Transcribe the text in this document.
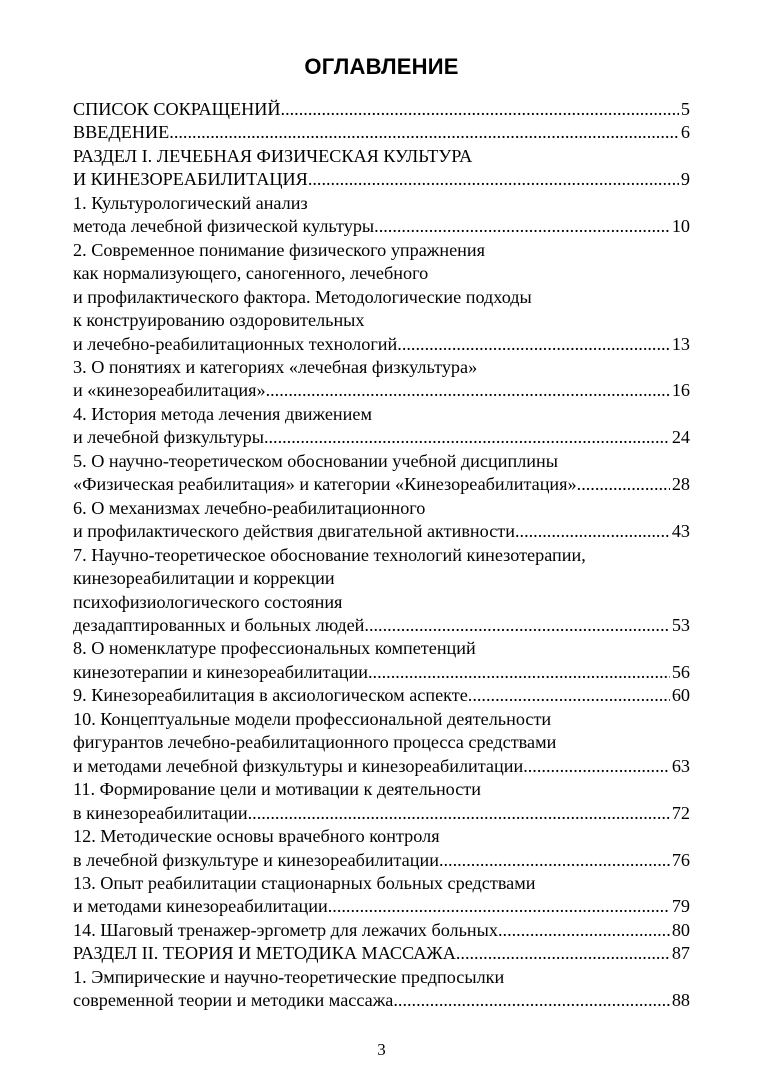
ОГЛАВЛЕНИЕ
СПИСОК СОКРАЩЕНИЙ .....	5
ВВЕДЕНИЕ .....	6
РАЗДЕЛ I. ЛЕЧЕБНАЯ ФИЗИЧЕСКАЯ КУЛЬТУРА
И КИНЕЗОРЕАБИЛИТАЦИЯ .....	9
1. Культурологический анализ
метода лечебной физической культуры .....	10
2. Современное понимание физического упражнения
как нормализующего, саногенного, лечебного
и профилактического фактора. Методологические подходы
к конструированию оздоровительных
и лечебно-реабилитационных технологий .....	13
3. О понятиях и категориях «лечебная физкультура»
и «кинезореабилитация» .....	16
4. История метода лечения движением
и лечебной физкультуры .....	24
5. О научно-теоретическом обосновании учебной дисциплины
«Физическая реабилитация» и категории «Кинезореабилитация» .....	28
6. О механизмах лечебно-реабилитационного
и профилактического действия двигательной активности .....	43
7. Научно-теоретическое обоснование технологий кинезотерапии,
кинезореабилитации и коррекции
психофизиологического состояния
дезадаптированных и больных людей .....	53
8. О номенклатуре профессиональных компетенций
кинезотерапии и кинезореабилитации .....	56
9. Кинезореабилитация в аксиологическом аспекте .....	60
10. Концептуальные модели профессиональной деятельности
фигурантов лечебно-реабилитационного процесса средствами
и методами лечебной физкультуры и кинезореабилитации .....	63
11. Формирование цели и мотивации к деятельности
в кинезореабилитации .....	72
12. Методические основы врачебного контроля
в лечебной физкультуре и кинезореабилитации .....	76
13. Опыт реабилитации стационарных больных средствами
и методами кинезореабилитации .....	79
14. Шаговый тренажер-эргометр для лежачих больных .....	80
РАЗДЕЛ II. ТЕОРИЯ И МЕТОДИКА МАССАЖА .....	87
1. Эмпирические и научно-теоретические предпосылки
современной теории и методики массажа .....	88
3
